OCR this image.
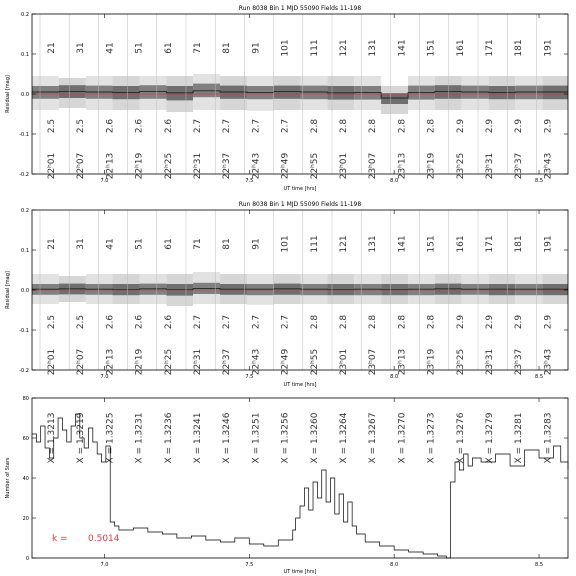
Run 8038 Bin 1 MJD 55090 Fields 11-198
21
2.5
22ʰ01
31
2.5
22ʰ07
41
2.6
22ʰ13
51
2.6
22ʰ19
61
2.6
22ʰ25
71
2.7
22ʰ31
81
2.7
22ʰ37
91
2.7
22ʰ43
101
2.7
22ʰ49
111
2.8
22ʰ55
121
2.8
23ʰ01
131
2.8
23ʰ07
141
2.8
23ʰ13
151
2.8
23ʰ19
161
2.9
23ʰ25
171
2.9
23ʰ31
181
2.9
23ʰ37
191
2.9
23ʰ43
7.0	7.5	8.0	8.5
-0.2
-0.1
0.0
0.1
0.2
UT time [hrs]
Residual [mag]
Run 8038 Bin 1 MJD 55090 Fields 11-198
21
2.5
22ʰ01
31
2.5
22ʰ07
41
2.6
22ʰ13
51
2.6
22ʰ19
61
2.6
22ʰ25
71
2.7
22ʰ31
81
2.7
22ʰ37
91
2.7
22ʰ43
101
2.7
22ʰ49
111
2.8
22ʰ55
121
2.8
23ʰ01
131
2.8
23ʰ07
141
2.8
23ʰ13
151
2.8
23ʰ19
161
2.9
23ʰ25
171
2.9
23ʰ31
181
2.9
23ʰ37
191
2.9
23ʰ43
7.0	7.5	8.0	8.5
-0.2
-0.1
0.0
0.1
0.2
UT time [hrs]
Residual [mag]
X = 1.3213 X = 1.3219 X = 1.3225 X = 1.3231 X = 1.3236 X = 1.3241 X = 1.3246 X = 1.3251 X = 1.3256 X = 1.3260 X = 1.3264 X = 1.3267 X = 1.3270 X = 1.3273 X = 1.3276 X = 1.3279 X = 1.3281 X = 1.3283
7.0	7.5	8.0	8.5
0
20
40
60
80
UT time [hrs]
Number of Stars
k = 0.5014
